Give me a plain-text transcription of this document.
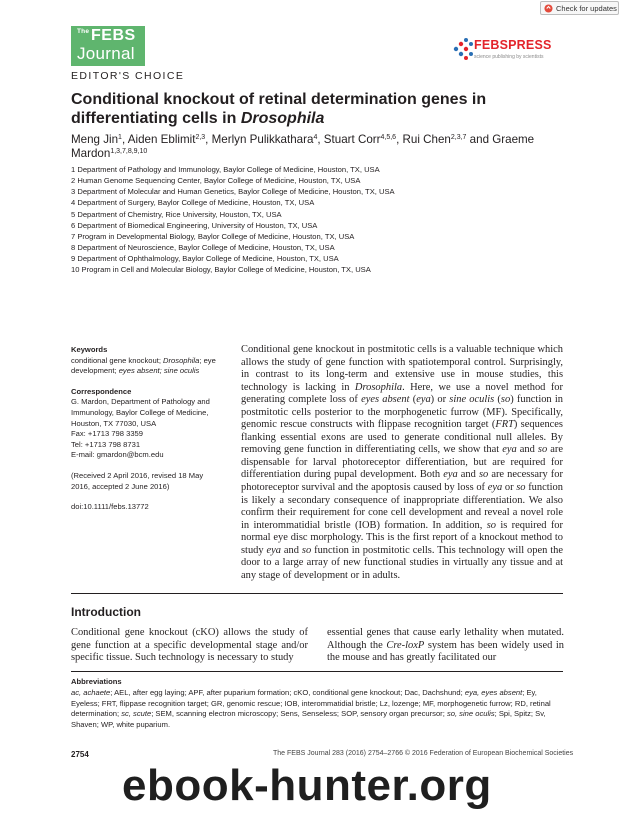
Check for updates
The FEBS
Journal
EDITOR'S CHOICE
FEBSPRESS
science publishing by scientists
Conditional knockout of retinal determination genes in differentiating cells in Drosophila
Meng Jin$^1$, Aiden Eblimit$^{2,3}$, Merlyn Pulikkathara$^4$, Stuart Corr$^{4,5,6}$, Rui Chen$^{2,3,7}$ and Graeme Mardon$^{1,3,7,8,9,10}$
1 Department of Pathology and Immunology, Baylor College of Medicine, Houston, TX, USA
2 Human Genome Sequencing Center, Baylor College of Medicine, Houston, TX, USA
3 Department of Molecular and Human Genetics, Baylor College of Medicine, Houston, TX, USA
4 Department of Surgery, Baylor College of Medicine, Houston, TX, USA
5 Department of Chemistry, Rice University, Houston, TX, USA
6 Department of Biomedical Engineering, University of Houston, TX, USA
7 Program in Developmental Biology, Baylor College of Medicine, Houston, TX, USA
8 Department of Neuroscience, Baylor College of Medicine, Houston, TX, USA
9 Department of Ophthalmology, Baylor College of Medicine, Houston, TX, USA
10 Program in Cell and Molecular Biology, Baylor College of Medicine, Houston, TX, USA
Keywords
conditional gene knockout; Drosophila; eye development; eyes absent; sine oculis
Correspondence
G. Mardon, Department of Pathology and
Immunology, Baylor College of Medicine,
Houston, TX 77030, USA
Fax: +1713 798 3359
Tel: +1713 798 8731
E-mail: gmardon@bcm.edu
(Received 2 April 2016, revised 18 May
2016, accepted 2 June 2016)
doi:10.1111/febs.13772

Conditional gene knockout in postmitotic cells is a valuable technique which allows the study of gene function with spatiotemporal control. Surprisingly, in contrast to its long-term and extensive use in mouse studies, this technology is lacking in Drosophila. Here, we use a novel method for generating complete loss of eyes absent (eya) or sine oculis (so) function in postmitotic cells posterior to the morphogenetic furrow (MF). Specifically, genomic rescue constructs with flippase recognition target (FRT) sequences flanking essential exons are used to generate conditional null alleles. By removing gene function in differentiating cells, we show that eya and so are dispensable for larval photoreceptor differentiation, but are required for differentiation during pupal development. Both eya and so are necessary for photoreceptor survival and the apoptosis caused by loss of eya or so function is likely a secondary consequence of inappropriate differentiation. We also confirm their requirement for cone cell development and reveal a novel role in interommatidial bristle (IOB) formation. In addition, so is required for normal eye disc morphology. This is the first report of a knockout method to study eya and so function in postmitotic cells. This technology will open the door to a large array of new functional studies in virtually any tissue and at any stage of development or in adults.

Introduction

Conditional gene knockout (cKO) allows the study of gene function at a specific developmental stage and/or specific tissue. Such technology is necessary to study

essential genes that cause early lethality when mutated. Although the Cre-loxP system has been widely used in the mouse and has greatly facilitated our

Abbreviations
ac, achaete; AEL, after egg laying; APF, after puparium formation; cKO, conditional gene knockout; Dac, Dachshund; eya, eyes absent; Ey, Eyeless; FRT, flippase recognition target; GR, genomic rescue; IOB, interommatidial bristle; Lz, lozenge; MF, morphogenetic furrow; RD, retinal determination; sc, scute; SEM, scanning electron microscopy; Sens, Senseless; SOP, sensory organ precursor; so, sine oculis; Spi, Spitz; Sv, Shaven; WP, white puparium.
2754	The FEBS Journal 283 (2016) 2754–2766 © 2016 Federation of European Biochemical Societies
ebook-hunter.org
